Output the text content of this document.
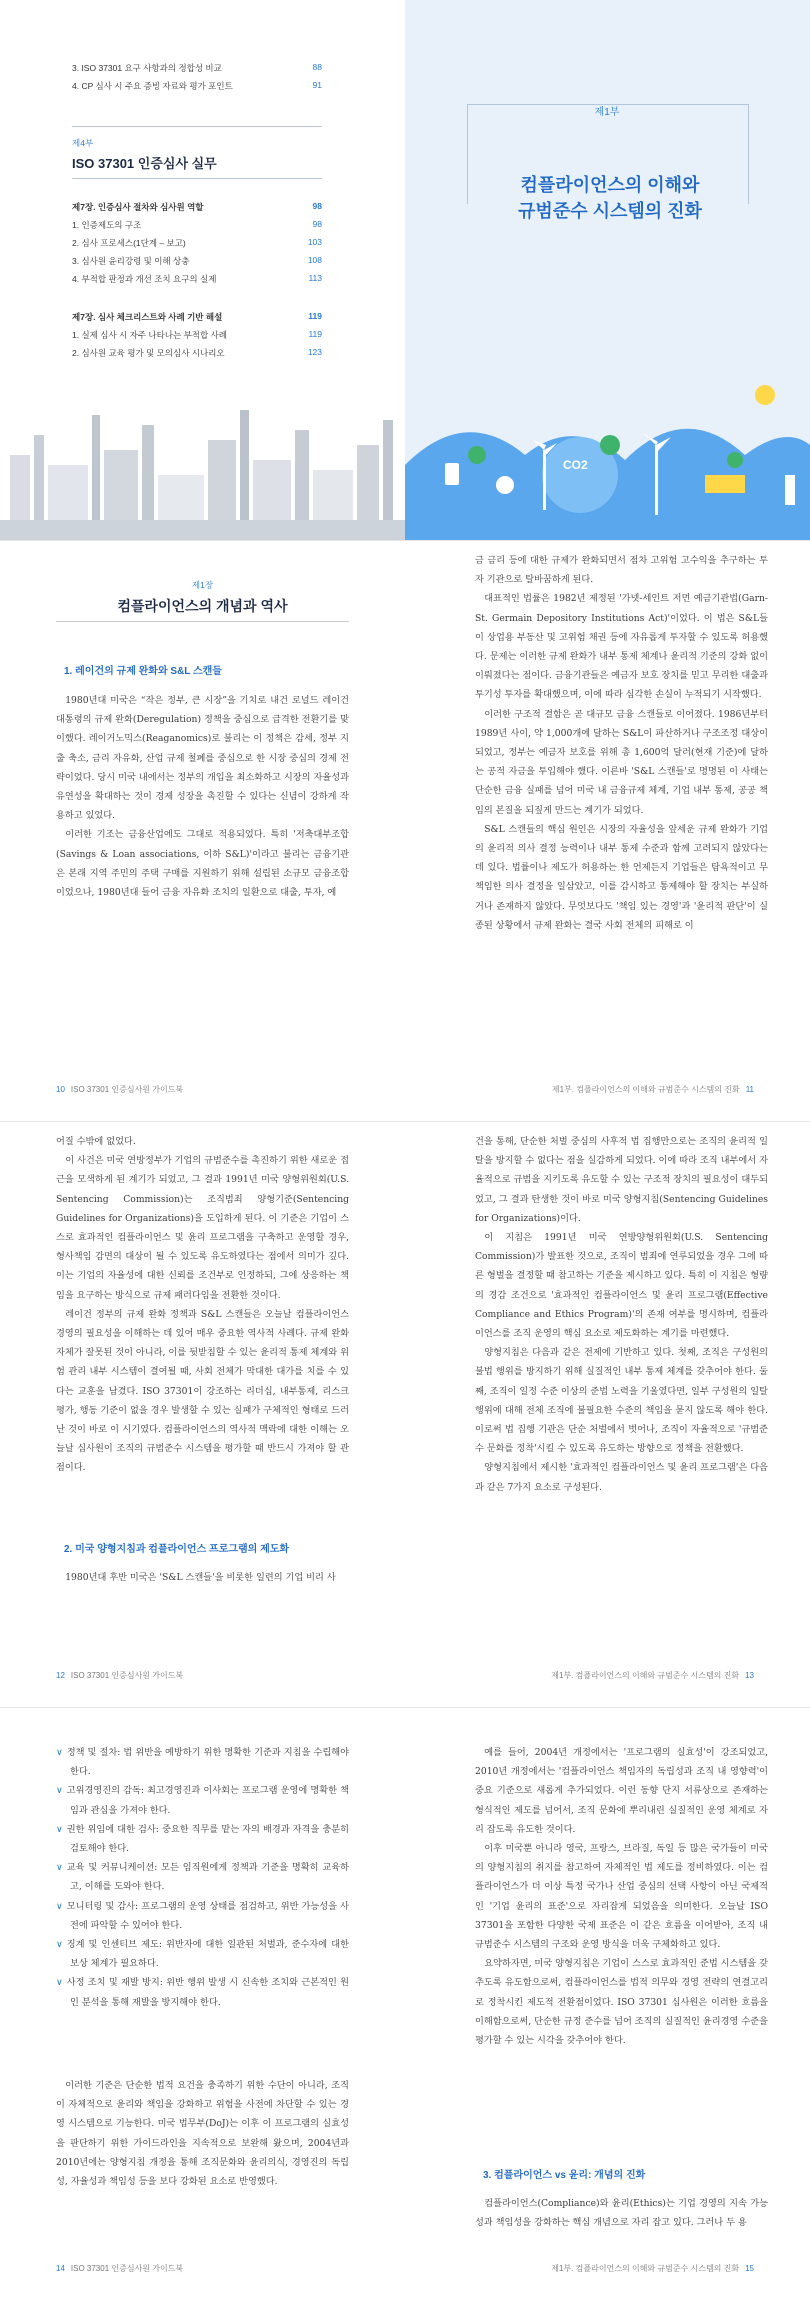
3. ISO 37301 요구 사항과의 정합성 비교	88
4. CP 심사 시 주요 증빙 자료와 평가 포인트	91
제4부
ISO 37301 인증심사 실무
제7장. 인증심사 절차와 심사원 역할	98
1. 인증제도의 구조	98
2. 심사 프로세스(1단계 – 보고)	103
3. 심사원 윤리강령 및 이해 상충	108
4. 부적합 판정과 개선 조치 요구의 실제	113
제7장. 심사 체크리스트와 사례 기반 해설	119
1. 실제 심사 시 자주 나타나는 부적합 사례	119
2. 심사원 교육 평가 및 모의심사 시나리오	123
제1부
컴플라이언스의 이해와
규범준수 시스템의 진화
CO2
제1장
컴플라이언스의 개념과 역사
1. 레이건의 규제 완화와 S&L 스캔들

1980년대 미국은 “작은 정부, 큰 시장”을 기치로 내건 로널드 레이건 대통령의 규제 완화(Deregulation) 정책을 중심으로 급격한 전환기를 맞이했다. 레이거노믹스(Reaganomics)로 불리는 이 정책은 감세, 정부 지출 축소, 금리 자유화, 산업 규제 철폐를 중심으로 한 시장 중심의 경제 전략이었다. 당시 미국 내에서는 정부의 개입을 최소화하고 시장의 자율성과 유연성을 확대하는 것이 경제 성장을 촉진할 수 있다는 신념이 강하게 작용하고 있었다.

이러한 기조는 금융산업에도 그대로 적용되었다. 특히 '저축대부조합(Savings & Loan associations, 이하 S&L)'이라고 불리는 금융기관은 본래 지역 주민의 주택 구매를 지원하기 위해 설립된 소규모 금융조합이었으나, 1980년대 들어 금융 자유화 조치의 일환으로 대출, 투자, 예

10 ISO 37301 인증심사원 가이드북

금 금리 등에 대한 규제가 완화되면서 점차 고위험 고수익을 추구하는 투자 기관으로 탈바꿈하게 된다.

대표적인 법률은 1982년 제정된 '가넷-세인트 저먼 예금기관법(Garn-St. Germain Depository Institutions Act)'이었다. 이 법은 S&L들이 상업용 부동산 및 고위험 채권 등에 자유롭게 투자할 수 있도록 허용했다. 문제는 이러한 규제 완화가 내부 통제 체계나 윤리적 기준의 강화 없이 이뤄졌다는 점이다. 금융기관들은 예금자 보호 장치를 믿고 무리한 대출과 투기성 투자를 확대했으며, 이에 따라 심각한 손실이 누적되기 시작했다.

이러한 구조적 결함은 곧 대규모 금융 스캔들로 이어졌다. 1986년부터 1989년 사이, 약 1,000개에 달하는 S&L이 파산하거나 구조조정 대상이 되었고, 정부는 예금자 보호를 위해 총 1,600억 달러(현재 기준)에 달하는 공적 자금을 투입해야 했다. 이른바 'S&L 스캔들'로 명명된 이 사태는 단순한 금융 실패를 넘어 미국 내 금융규제 체계, 기업 내부 통제, 공공 책임의 본질을 되짚게 만드는 계기가 되었다.

S&L 스캔들의 핵심 원인은 시장의 자율성을 앞세운 규제 완화가 기업의 윤리적 의사 결정 능력이나 내부 통제 수준과 함께 고려되지 않았다는 데 있다. 법률이나 제도가 허용하는 한 언제든지 기업들은 탐욕적이고 무책임한 의사 결정을 일삼았고, 이를 감시하고 통제해야 할 장치는 부실하거나 존재하지 않았다. 무엇보다도 '책임 있는 경영'과 '윤리적 판단'이 실종된 상황에서 규제 완화는 결국 사회 전체의 피해로 이

제1부. 컴플라이언스의 이해와 규범준수 시스템의 진화 11

어질 수밖에 없었다.

이 사건은 미국 연방정부가 기업의 규범준수를 촉진하기 위한 새로운 접근을 모색하게 된 계기가 되었고, 그 결과 1991년 미국 양형위원회(U.S. Sentencing Commission)는 조직범죄 양형기준(Sentencing Guidelines for Organizations)을 도입하게 된다. 이 기준은 기업이 스스로 효과적인 컴플라이언스 및 윤리 프로그램을 구축하고 운영할 경우, 형사책임 감면의 대상이 될 수 있도록 유도하였다는 점에서 의미가 깊다. 이는 기업의 자율성에 대한 신뢰를 조건부로 인정하되, 그에 상응하는 책임을 요구하는 방식으로 규제 패러다임을 전환한 것이다.

레이건 정부의 규제 완화 정책과 S&L 스캔들은 오늘날 컴플라이언스 경영의 필요성을 이해하는 데 있어 매우 중요한 역사적 사례다. 규제 완화 자체가 잘못된 것이 아니라, 이를 뒷받침할 수 있는 윤리적 통제 체계와 위험 관리 내부 시스템이 결여될 때, 사회 전체가 막대한 대가를 치를 수 있다는 교훈을 남겼다. ISO 37301이 강조하는 리더십, 내부통제, 리스크 평가, 행동 기준이 없을 경우 발생할 수 있는 실패가 구체적인 형태로 드러난 것이 바로 이 시기였다. 컴플라이언스의 역사적 맥락에 대한 이해는 오늘날 심사원이 조직의 규범준수 시스템을 평가할 때 반드시 가져야 할 관점이다.

2. 미국 양형지침과 컴플라이언스 프로그램의 제도화

1980년대 후반 미국은 'S&L 스캔들'을 비롯한 일련의 기업 비리 사

12 ISO 37301 인증심사원 가이드북

건을 통해, 단순한 처벌 중심의 사후적 법 집행만으로는 조직의 윤리적 일탈을 방지할 수 없다는 점을 실감하게 되었다. 이에 따라 조직 내부에서 자율적으로 규범을 지키도록 유도할 수 있는 구조적 장치의 필요성이 대두되었고, 그 결과 탄생한 것이 바로 미국 양형지침(Sentencing Guidelines for Organizations)이다.

이 지침은 1991년 미국 연방양형위원회(U.S. Sentencing Commission)가 발표한 것으로, 조직이 범죄에 연루되었을 경우 그에 따른 형벌을 결정할 때 참고하는 기준을 제시하고 있다. 특히 이 지침은 형량의 경감 조건으로 '효과적인 컴플라이언스 및 윤리 프로그램(Effective Compliance and Ethics Program)'의 존재 여부를 명시하며, 컴플라이언스를 조직 운영의 핵심 요소로 제도화하는 계기를 마련했다.

양형지침은 다음과 같은 전제에 기반하고 있다. 첫째, 조직은 구성원의 불법 행위를 방지하기 위해 실질적인 내부 통제 체계를 갖추어야 한다. 둘째, 조직이 일정 수준 이상의 준법 노력을 기울였다면, 일부 구성원의 일탈행위에 대해 전체 조직에 불필요한 수준의 책임을 묻지 않도록 해야 한다. 이로써 법 집행 기관은 단순 처벌에서 벗어나, 조직이 자율적으로 '규범준수 문화를 정착'시킬 수 있도록 유도하는 방향으로 정책을 전환했다.

양형지침에서 제시한 '효과적인 컴플라이언스 및 윤리 프로그램'은 다음과 같은 7가지 요소로 구성된다.

제1부. 컴플라이언스의 이해와 규범준수 시스템의 진화 13
∨ 정책 및 절차: 법 위반을 예방하기 위한 명확한 기준과 지침을 수립해야 한다.
∨ 고위경영진의 감독: 최고경영진과 이사회는 프로그램 운영에 명확한 책임과 관심을 가져야 한다.
∨ 권한 위임에 대한 검사: 중요한 직무를 맡는 자의 배경과 자격을 충분히 검토해야 한다.
∨ 교육 및 커뮤니케이션: 모든 임직원에게 정책과 기준을 명확히 교육하고, 이해를 도와야 한다.
∨ 모니터링 및 감사: 프로그램의 운영 상태를 점검하고, 위반 가능성을 사전에 파악할 수 있어야 한다.
∨ 징계 및 인센티브 제도: 위반자에 대한 일관된 처벌과, 준수자에 대한 보상 체계가 필요하다.
∨ 사정 조치 및 재발 방지: 위반 행위 발생 시 신속한 조치와 근본적인 원인 분석을 통해 재발을 방지해야 한다.

이러한 기준은 단순한 법적 요건을 충족하기 위한 수단이 아니라, 조직이 자체적으로 윤리와 책임을 강화하고 위험을 사전에 차단할 수 있는 경영 시스템으로 기능한다. 미국 법무부(DoJ)는 이후 이 프로그램의 실효성을 판단하기 위한 가이드라인을 지속적으로 보완해 왔으며, 2004년과 2010년에는 양형지침 개정을 통해 조직문화와 윤리의식, 경영진의 독립성, 자율성과 책임성 등을 보다 강화된 요소로 반영했다.

14 ISO 37301 인증심사원 가이드북

예를 들어, 2004년 개정에서는 '프로그램의 실효성'이 강조되었고, 2010년 개정에서는 '컴플라이언스 책임자의 독립성과 조직 내 영향력'이 중요 기준으로 새롭게 추가되었다. 이런 동향 단지 서류상으로 존재하는 형식적인 제도를 넘어서, 조직 문화에 뿌리내린 실질적인 운영 체계로 자리 잡도록 유도한 것이다.

이후 미국뿐 아니라 영국, 프랑스, 브라질, 독일 등 많은 국가들이 미국의 양형지침의 취지를 참고하여 자체적인 법 제도를 정비하였다. 이는 컴플라이언스가 더 이상 특정 국가나 산업 중심의 선택 사항이 아닌 국제적인 '기업 윤리의 표준'으로 자리잡게 되었음을 의미한다. 오늘날 ISO 37301을 포함한 다양한 국제 표준은 이 같은 흐름을 이어받아, 조직 내 규범준수 시스템의 구조와 운영 방식을 더욱 구체화하고 있다.

요약하자면, 미국 양형지침은 기업이 스스로 효과적인 준법 시스템을 갖추도록 유도함으로써, 컴플라이언스를 법적 의무와 경영 전략의 연결고리로 정착시킨 제도적 전환점이었다. ISO 37301 심사원은 이러한 흐름을 이해함으로써, 단순한 규정 준수를 넘어 조직의 실질적인 윤리경영 수준을 평가할 수 있는 시각을 갖추어야 한다.

3. 컴플라이언스 vs 윤리: 개념의 진화

컴플라이언스(Compliance)와 윤리(Ethics)는 기업 경영의 지속 가능성과 책임성을 강화하는 핵심 개념으로 자리 잡고 있다. 그러나 두 용

제1부. 컴플라이언스의 이해와 규범준수 시스템의 진화 15
